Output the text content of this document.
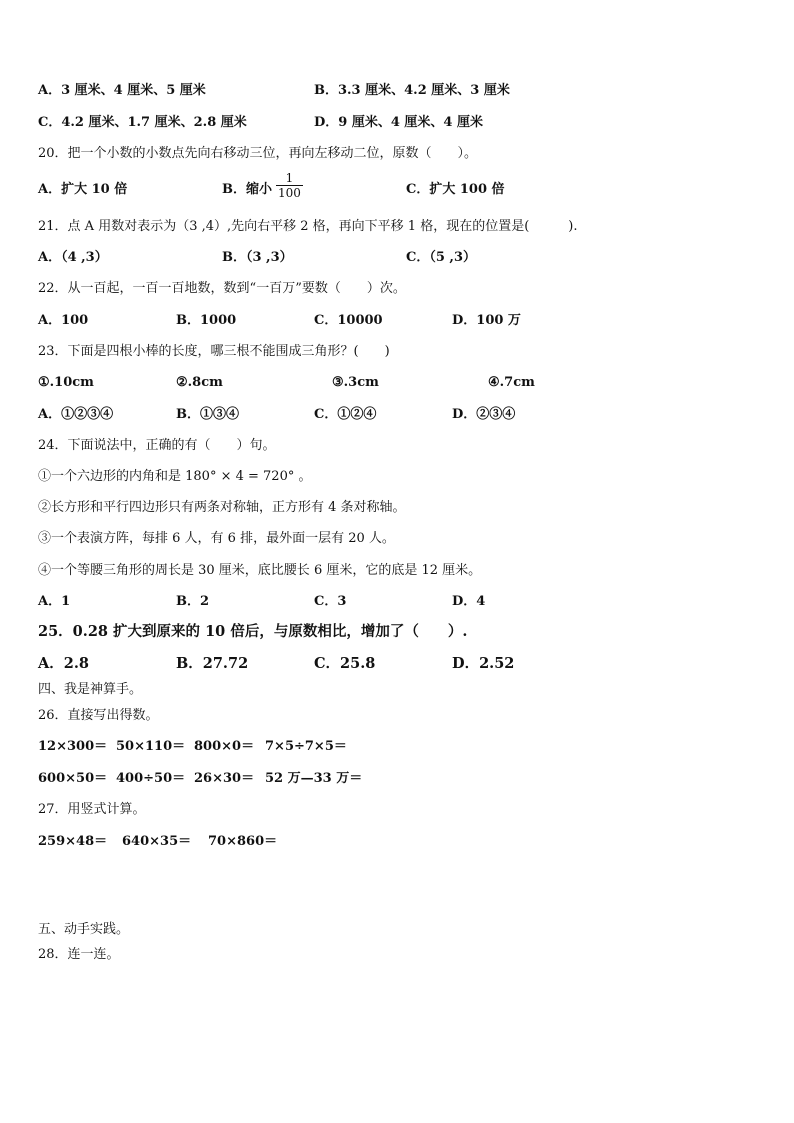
A．3 厘米、4 厘米、5 厘米	B．3.3 厘米、4.2 厘米、3 厘米
C．4.2 厘米、1.7 厘米、2.8 厘米	D．9 厘米、4 厘米、4 厘米
20．把一个小数的小数点先向右移动三位，再向左移动二位，原数（　　）。
A．扩大 10 倍	B．缩小 $\frac{1}{100}$	C．扩大 100 倍
21．点 A 用数对表示为（3 ,4）,先向右平移 2 格，再向下平移 1 格，现在的位置是(　　　).
A．（4 ,3）	B．（3 ,3）	C．（5 ,3）
22．从一百起，一百一百地数，数到“一百万”要数（　　）次。
A．100	B．1000	C．10000	D．100 万
23．下面是四根小棒的长度，哪三根不能围成三角形？(　　)
①.10cm	②.8cm	③.3cm	④.7cm
A．①②③④	B．①③④	C．①②④	D．②③④
24．下面说法中，正确的有（　　）句。
①一个六边形的内角和是 180° × 4 = 720° 。
②长方形和平行四边形只有两条对称轴，正方形有 4 条对称轴。
③一个表演方阵，每排 6 人，有 6 排，最外面一层有 20 人。
④一个等腰三角形的周长是 30 厘米，底比腰长 6 厘米，它的底是 12 厘米。
A．1	B．2	C．3	D．4
25．0.28 扩大到原来的 10 倍后，与原数相比，增加了（　　）.
A．2.8	B．27.72	C．25.8	D．2.52
四、我是神算手。
26．直接写出得数。
12×300＝ 50×110＝ 800×0＝ 7×5÷7×5＝
600×50＝ 400÷50＝ 26×30＝ 52 万—33 万＝
27．用竖式计算。
259×48＝ 640×35＝ 70×860＝
五、动手实践。
28．连一连。
